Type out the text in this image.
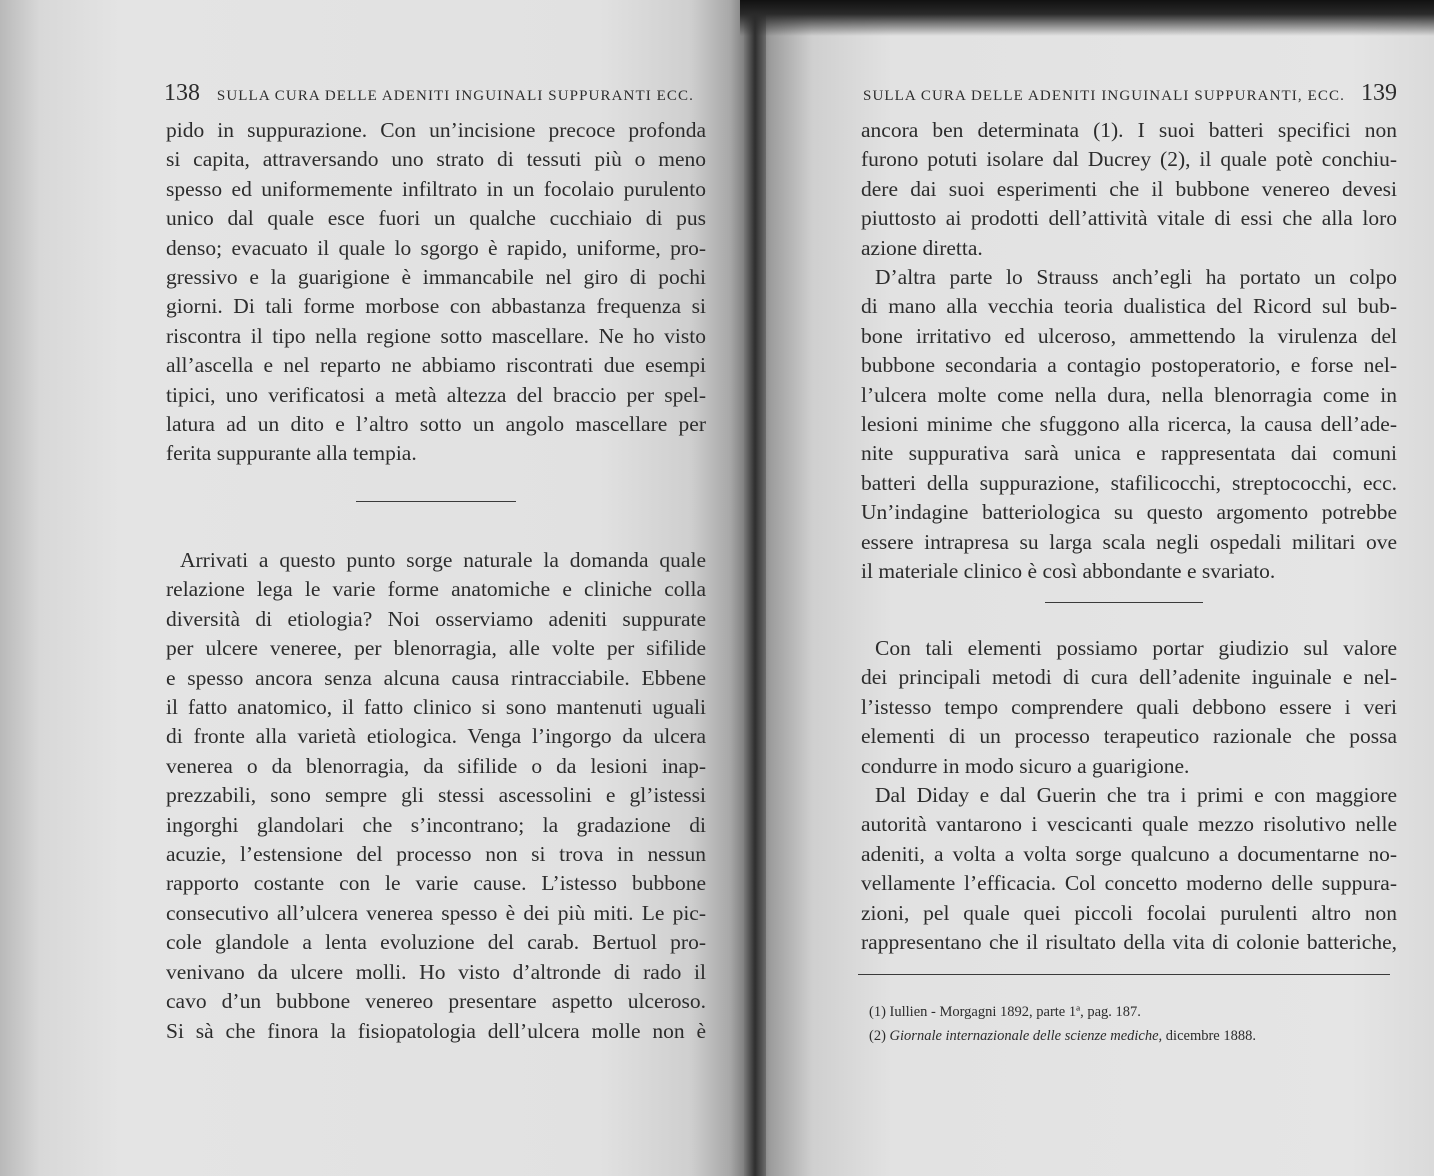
138 SULLA CURA DELLE ADENITI INGUINALI SUPPURANTI ECC.
pido in suppurazione. Con un’incisione precoce profonda
si capita, attraversando uno strato di tessuti più o meno
spesso ed uniformemente infiltrato in un focolaio purulento
unico dal quale esce fuori un qualche cucchiaio di pus
denso; evacuato il quale lo sgorgo è rapido, uniforme, pro-
gressivo e la guarigione è immancabile nel giro di pochi
giorni. Di tali forme morbose con abbastanza frequenza si
riscontra il tipo nella regione sotto mascellare. Ne ho visto
all’ascella e nel reparto ne abbiamo riscontrati due esempi
tipici, uno verificatosi a metà altezza del braccio per spel-
latura ad un dito e l’altro sotto un angolo mascellare per
ferita suppurante alla tempia.
Arrivati a questo punto sorge naturale la domanda quale
relazione lega le varie forme anatomiche e cliniche colla
diversità di etiologia? Noi osserviamo adeniti suppurate
per ulcere veneree, per blenorragia, alle volte per sifilide
e spesso ancora senza alcuna causa rintracciabile. Ebbene
il fatto anatomico, il fatto clinico si sono mantenuti uguali
di fronte alla varietà etiologica. Venga l’ingorgo da ulcera
venerea o da blenorragia, da sifilide o da lesioni inap-
prezzabili, sono sempre gli stessi ascessolini e gl’istessi
ingorghi glandolari che s’incontrano; la gradazione di
acuzie, l’estensione del processo non si trova in nessun
rapporto costante con le varie cause. L’istesso bubbone
consecutivo all’ulcera venerea spesso è dei più miti. Le pic-
cole glandole a lenta evoluzione del carab. Bertuol pro-
venivano da ulcere molli. Ho visto d’altronde di rado il
cavo d’un bubbone venereo presentare aspetto ulceroso.
Si sà che finora la fisiopatologia dell’ulcera molle non è
SULLA CURA DELLE ADENITI INGUINALI SUPPURANTI, ECC. 139
ancora ben determinata (1). I suoi batteri specifici non
furono potuti isolare dal Ducrey (2), il quale potè conchiu-
dere dai suoi esperimenti che il bubbone venereo devesi
piuttosto ai prodotti dell’attività vitale di essi che alla loro
azione diretta.
D’altra parte lo Strauss anch’egli ha portato un colpo
di mano alla vecchia teoria dualistica del Ricord sul bub-
bone irritativo ed ulceroso, ammettendo la virulenza del
bubbone secondaria a contagio postoperatorio, e forse nel-
l’ulcera molte come nella dura, nella blenorragia come in
lesioni minime che sfuggono alla ricerca, la causa dell’ade-
nite suppurativa sarà unica e rappresentata dai comuni
batteri della suppurazione, stafilicocchi, streptococchi, ecc.
Un’indagine batteriologica su questo argomento potrebbe
essere intrapresa su larga scala negli ospedali militari ove
il materiale clinico è così abbondante e svariato.
Con tali elementi possiamo portar giudizio sul valore
dei principali metodi di cura dell’adenite inguinale e nel-
l’istesso tempo comprendere quali debbono essere i veri
elementi di un processo terapeutico razionale che possa
condurre in modo sicuro a guarigione.
Dal Diday e dal Guerin che tra i primi e con maggiore
autorità vantarono i vescicanti quale mezzo risolutivo nelle
adeniti, a volta a volta sorge qualcuno a documentarne no-
vellamente l’efficacia. Col concetto moderno delle suppura-
zioni, pel quale quei piccoli focolai purulenti altro non
rappresentano che il risultato della vita di colonie batteriche,
(1) Iullien - Morgagni 1892, parte 1ª, pag. 187.
(2) Giornale internazionale delle scienze mediche, dicembre 1888.
